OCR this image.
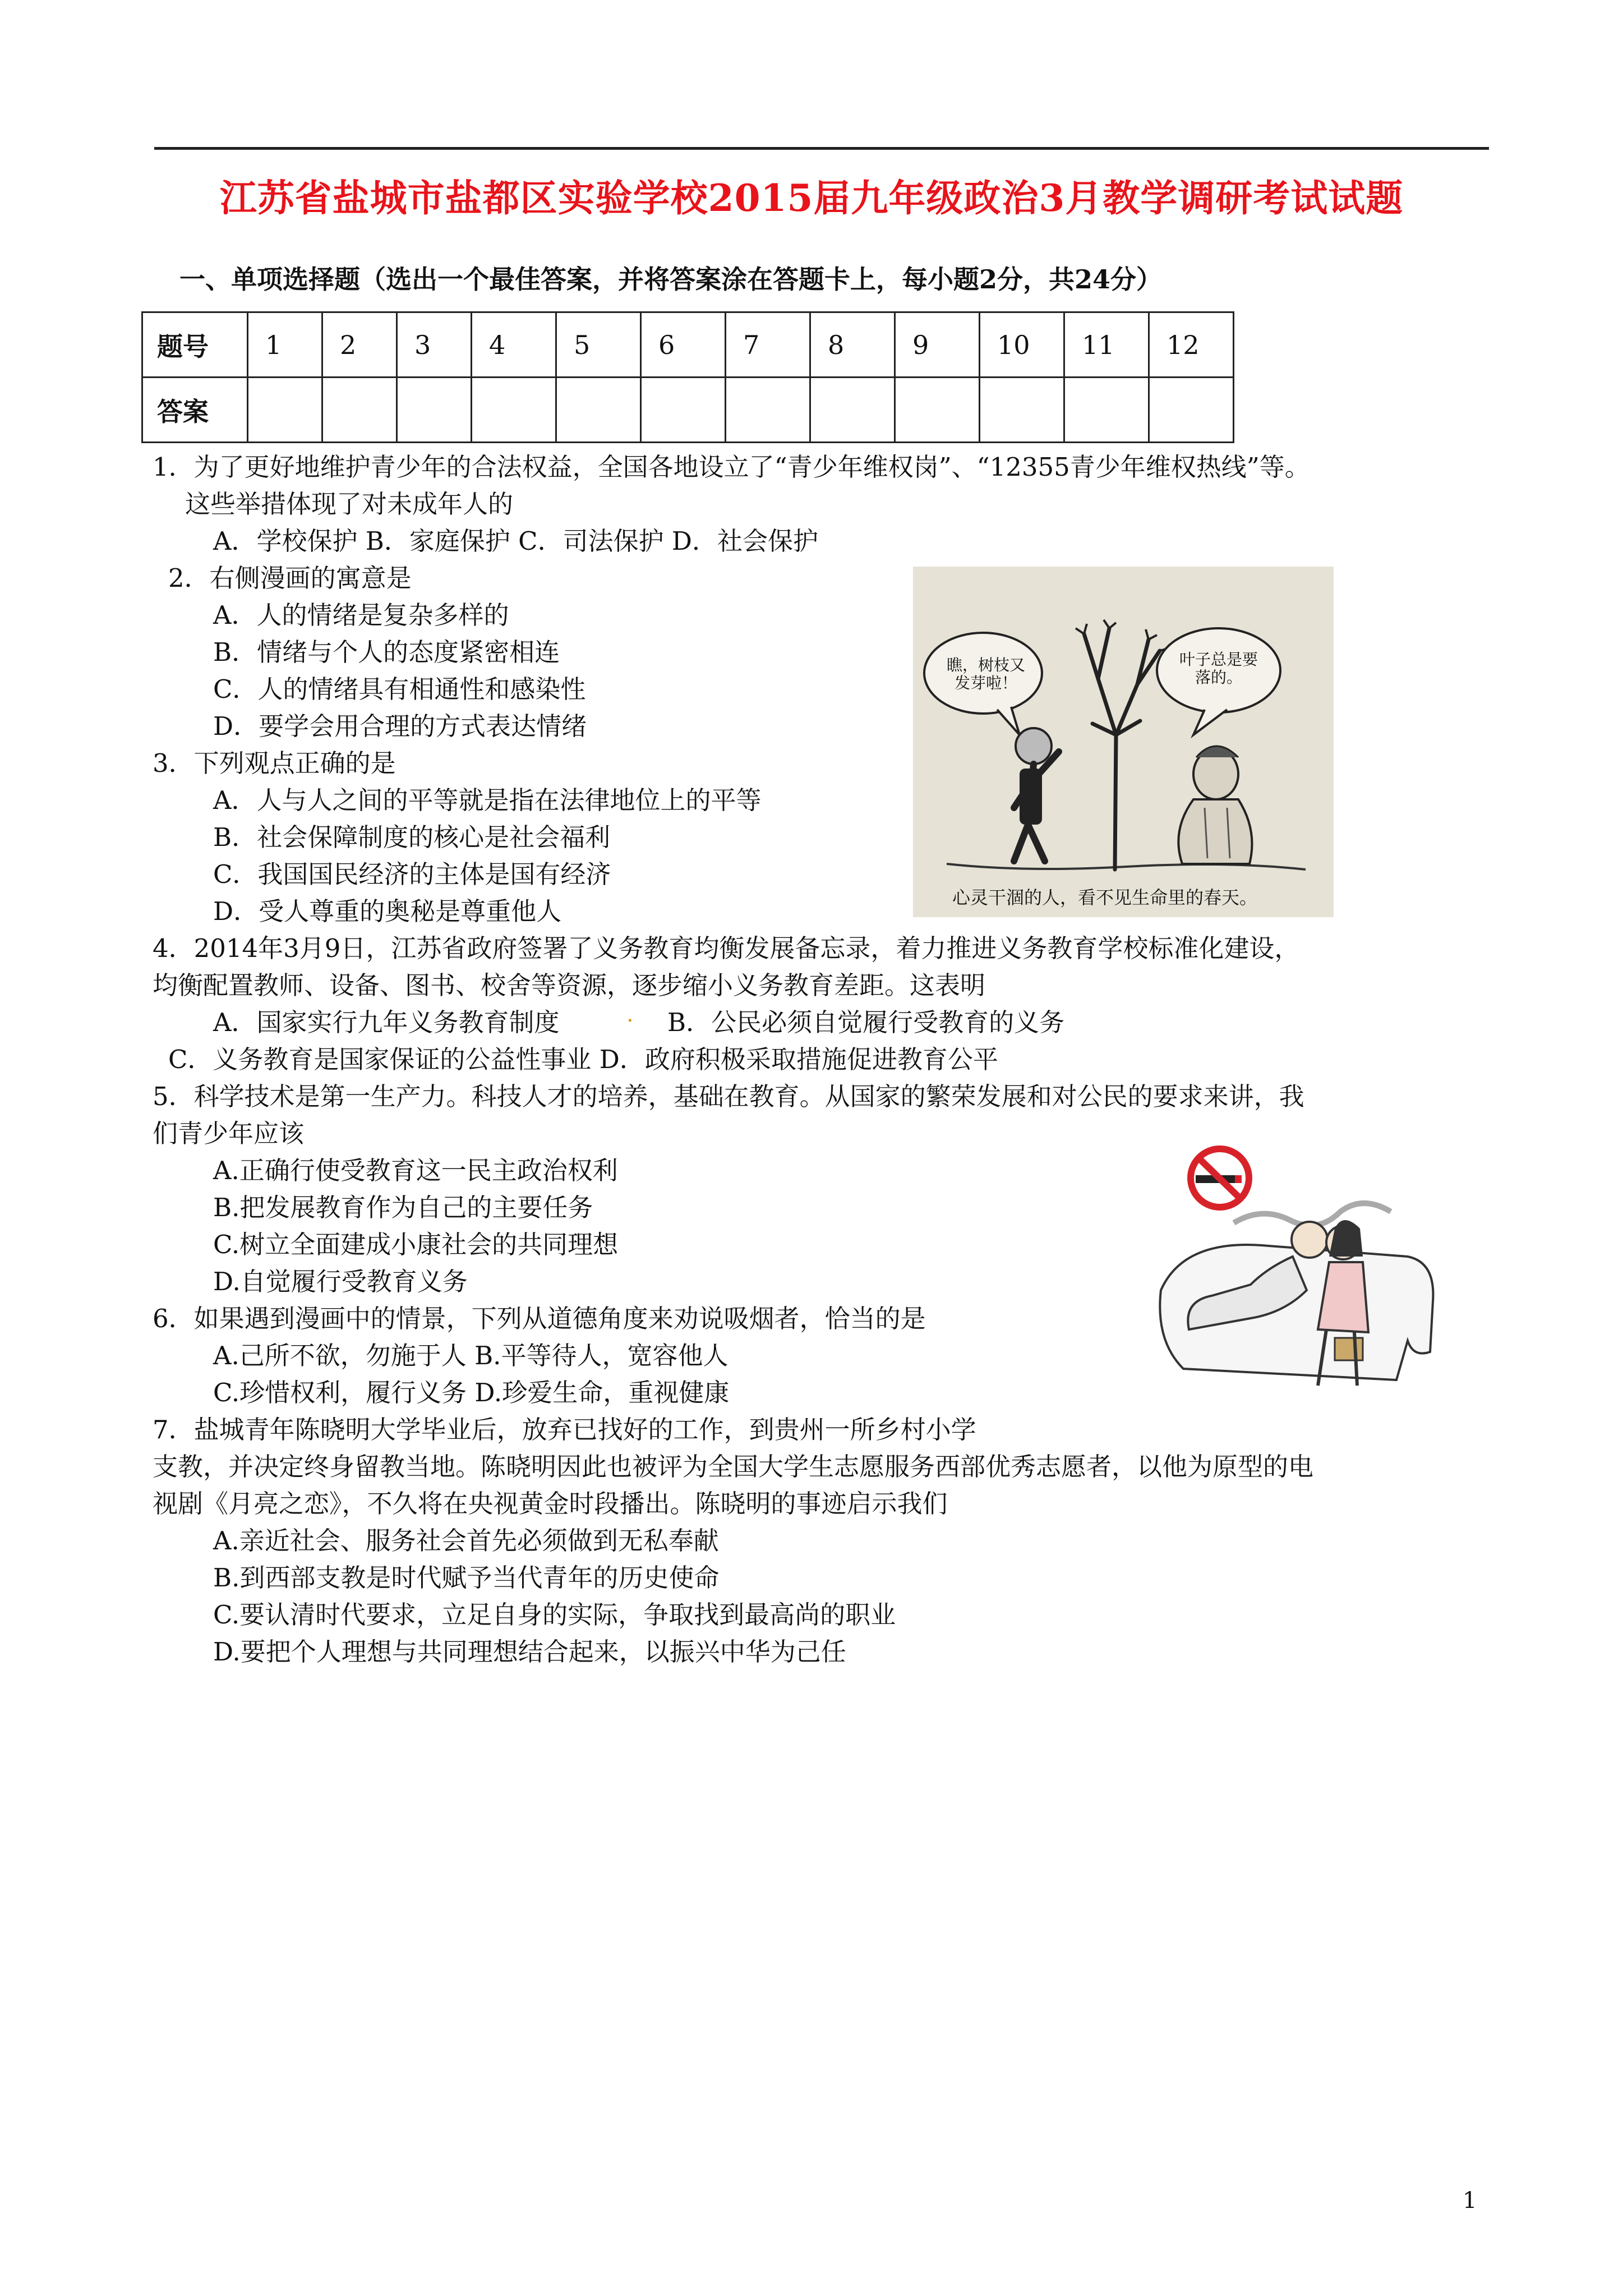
江苏省盐城市盐都区实验学校2015届九年级政治3月教学调研考试试题
一、单项选择题（选出一个最佳答案，并将答案涂在答题卡上，每小题2分，共24分）
题号	1	2	3	4	5	6	7	8	9	10	11	12
答案												
1．为了更好地维护青少年的合法权益，全国各地设立了“青少年维权岗”、“12355青少年维权热线”等。
这些举措体现了对未成年人的
A．学校保护 B．家庭保护 C．司法保护 D．社会保护
2．右侧漫画的寓意是
A．人的情绪是复杂多样的
B．情绪与个人的态度紧密相连
C．人的情绪具有相通性和感染性
D．要学会用合理的方式表达情绪
3．下列观点正确的是
A．人与人之间的平等就是指在法律地位上的平等
B．社会保障制度的核心是社会福利
C．我国国民经济的主体是国有经济
D．受人尊重的奥秘是尊重他人
4．2014年3月9日，江苏省政府签署了义务教育均衡发展备忘录，着力推进义务教育学校标准化建设，
均衡配置教师、设备、图书、校舍等资源，逐步缩小义务教育差距。这表明
A．国家实行九年义务教育制度	. B．公民必须自觉履行受教育的义务
C．义务教育是国家保证的公益性事业 D．政府积极采取措施促进教育公平
5．科学技术是第一生产力。科技人才的培养，基础在教育。从国家的繁荣发展和对公民的要求来讲，我
们青少年应该
A.正确行使受教育这一民主政治权利
B.把发展教育作为自己的主要任务
C.树立全面建成小康社会的共同理想
D.自觉履行受教育义务
6．如果遇到漫画中的情景，下列从道德角度来劝说吸烟者，恰当的是
A.己所不欲，勿施于人 B.平等待人，宽容他人
C.珍惜权利，履行义务 D.珍爱生命，重视健康
7．盐城青年陈晓明大学毕业后，放弃已找好的工作，到贵州一所乡村小学
支教，并决定终身留教当地。陈晓明因此也被评为全国大学生志愿服务西部优秀志愿者，以他为原型的电
视剧《月亮之恋》，不久将在央视黄金时段播出。陈晓明的事迹启示我们
A.亲近社会、服务社会首先必须做到无私奉献
B.到西部支教是时代赋予当代青年的历史使命
C.要认清时代要求，立足自身的实际，争取找到最高尚的职业
D.要把个人理想与共同理想结合起来，以振兴中华为己任
瞧，树枝又发芽啦！
叶子总是要落的。
心灵干涸的人，看不见生命里的春天。
1
